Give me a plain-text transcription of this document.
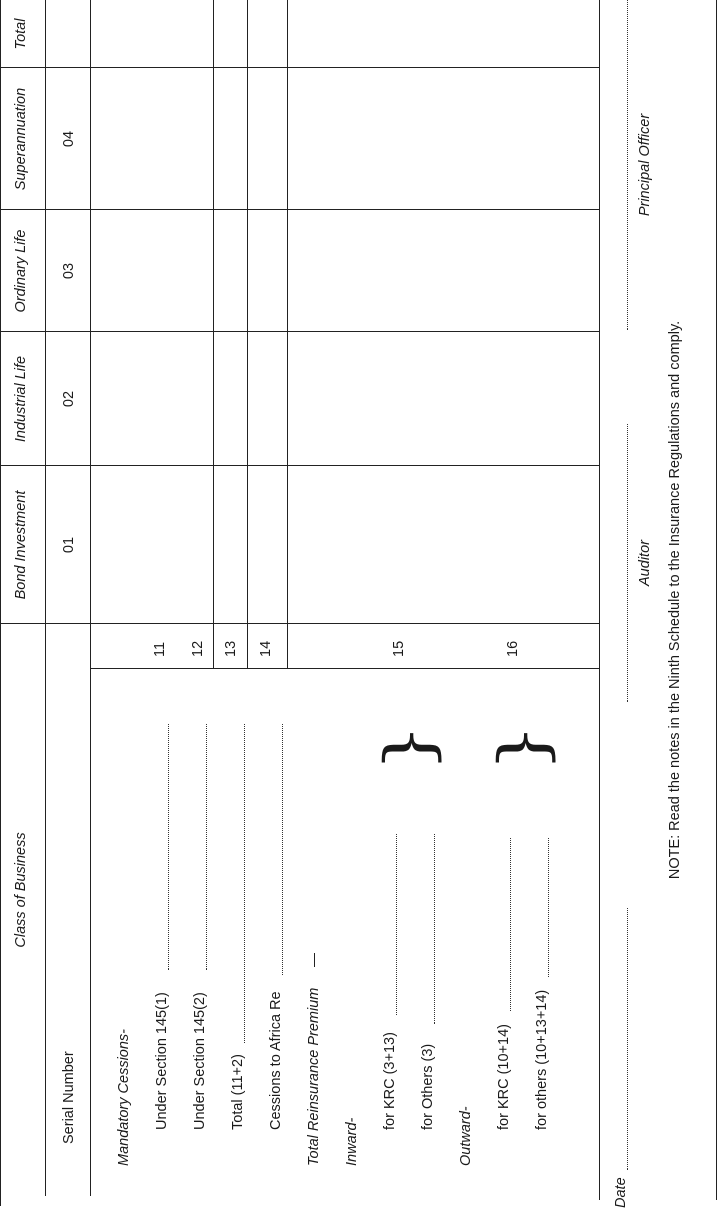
Class of Business
Bond Investment
Industrial Life
Ordinary Life
Superannuation
Total
Serial Number
01
02
03
04
Mandatory Cessions- Under Section 145(1)
11
Under Section 145(2)
12
Total (11+2)
13
Cessions to Africa Re
14
Total Reinsurance Premium Inward-
for KRC (3+13) for Others (3)
}
15
Outward-
for KRC (10+14) for others (10+13+14)
}
16
Date
Auditor
Principal Officer
NOTE: Read the notes in the Ninth Schedule to the Insurance Regulations and comply.
